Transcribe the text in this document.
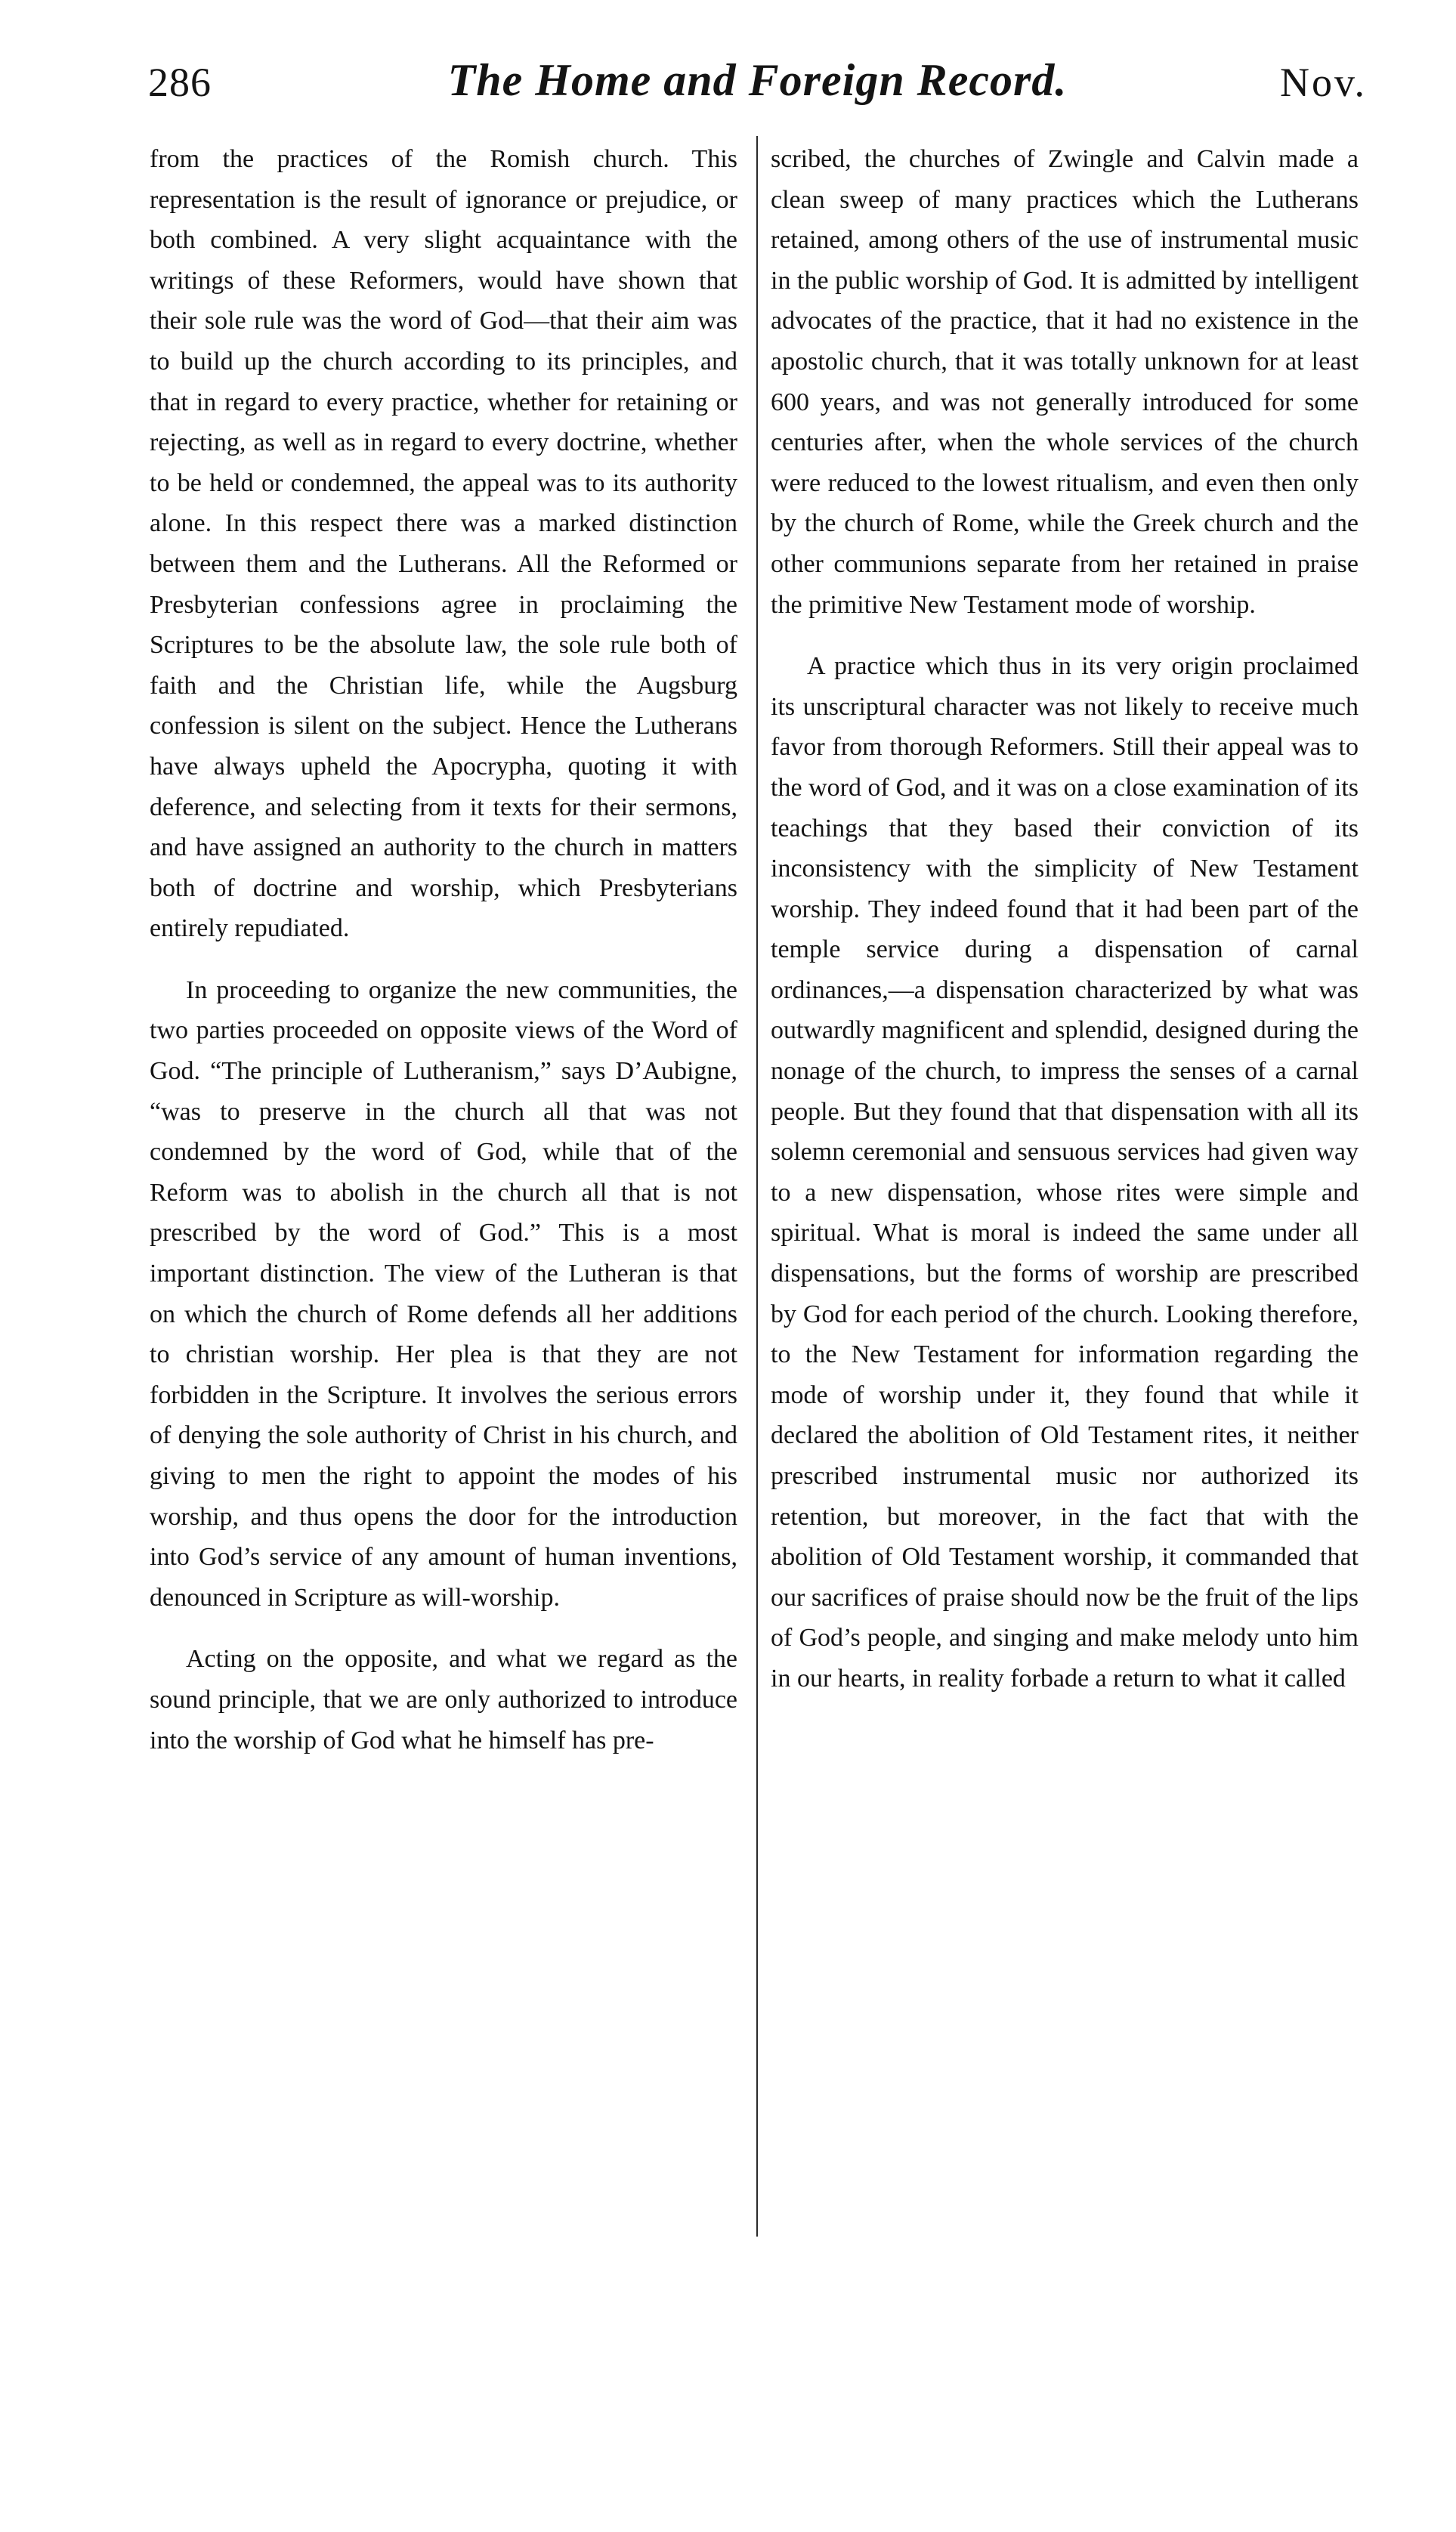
286	The Home and Foreign Record.	Nov.

from the practices of the Romish church. This representation is the result of ignorance or prejudice, or both combined. A very slight acquaintance with the writings of these Reformers, would have shown that their sole rule was the word of God—that their aim was to build up the church according to its principles, and that in regard to every practice, whether for retaining or rejecting, as well as in regard to every doctrine, whether to be held or condemned, the appeal was to its authority alone. In this respect there was a marked distinction between them and the Lutherans. All the Reformed or Presbyterian confessions agree in proclaiming the Scriptures to be the absolute law, the sole rule both of faith and the Christian life, while the Augsburg confession is silent on the subject. Hence the Lutherans have always upheld the Apocrypha, quoting it with deference, and selecting from it texts for their sermons, and have assigned an authority to the church in matters both of doctrine and worship, which Presbyterians entirely repudiated.

In proceeding to organize the new communities, the two parties proceeded on opposite views of the Word of God. “The principle of Lutheranism,” says D’Aubigne, “was to preserve in the church all that was not condemned by the word of God, while that of the Reform was to abolish in the church all that is not prescribed by the word of God.” This is a most important distinction. The view of the Lutheran is that on which the church of Rome defends all her additions to christian worship. Her plea is that they are not forbidden in the Scripture. It involves the serious errors of denying the sole authority of Christ in his church, and giving to men the right to appoint the modes of his worship, and thus opens the door for the introduction into God’s service of any amount of human inventions, denounced in Scripture as will-worship.

Acting on the opposite, and what we regard as the sound principle, that we are only authorized to introduce into the worship of God what he himself has pre-

scribed, the churches of Zwingle and Calvin made a clean sweep of many practices which the Lutherans retained, among others of the use of instrumental music in the public worship of God. It is admitted by intelligent advocates of the practice, that it had no existence in the apostolic church, that it was totally unknown for at least 600 years, and was not generally introduced for some centuries after, when the whole services of the church were reduced to the lowest ritualism, and even then only by the church of Rome, while the Greek church and the other communions separate from her retained in praise the primitive New Testament mode of worship.

A practice which thus in its very origin proclaimed its unscriptural character was not likely to receive much favor from thorough Reformers. Still their appeal was to the word of God, and it was on a close examination of its teachings that they based their conviction of its inconsistency with the simplicity of New Testament worship. They indeed found that it had been part of the temple service during a dispensation of carnal ordinances,—a dispensation characterized by what was outwardly magnificent and splendid, designed during the nonage of the church, to impress the senses of a carnal people. But they found that that dispensation with all its solemn ceremonial and sensuous services had given way to a new dispensation, whose rites were simple and spiritual. What is moral is indeed the same under all dispensations, but the forms of worship are prescribed by God for each period of the church. Looking therefore, to the New Testament for information regarding the mode of worship under it, they found that while it declared the abolition of Old Testament rites, it neither prescribed instrumental music nor authorized its retention, but moreover, in the fact that with the abolition of Old Testament worship, it commanded that our sacrifices of praise should now be the fruit of the lips of God’s people, and singing and make melody unto him in our hearts, in reality forbade a return to what it called
